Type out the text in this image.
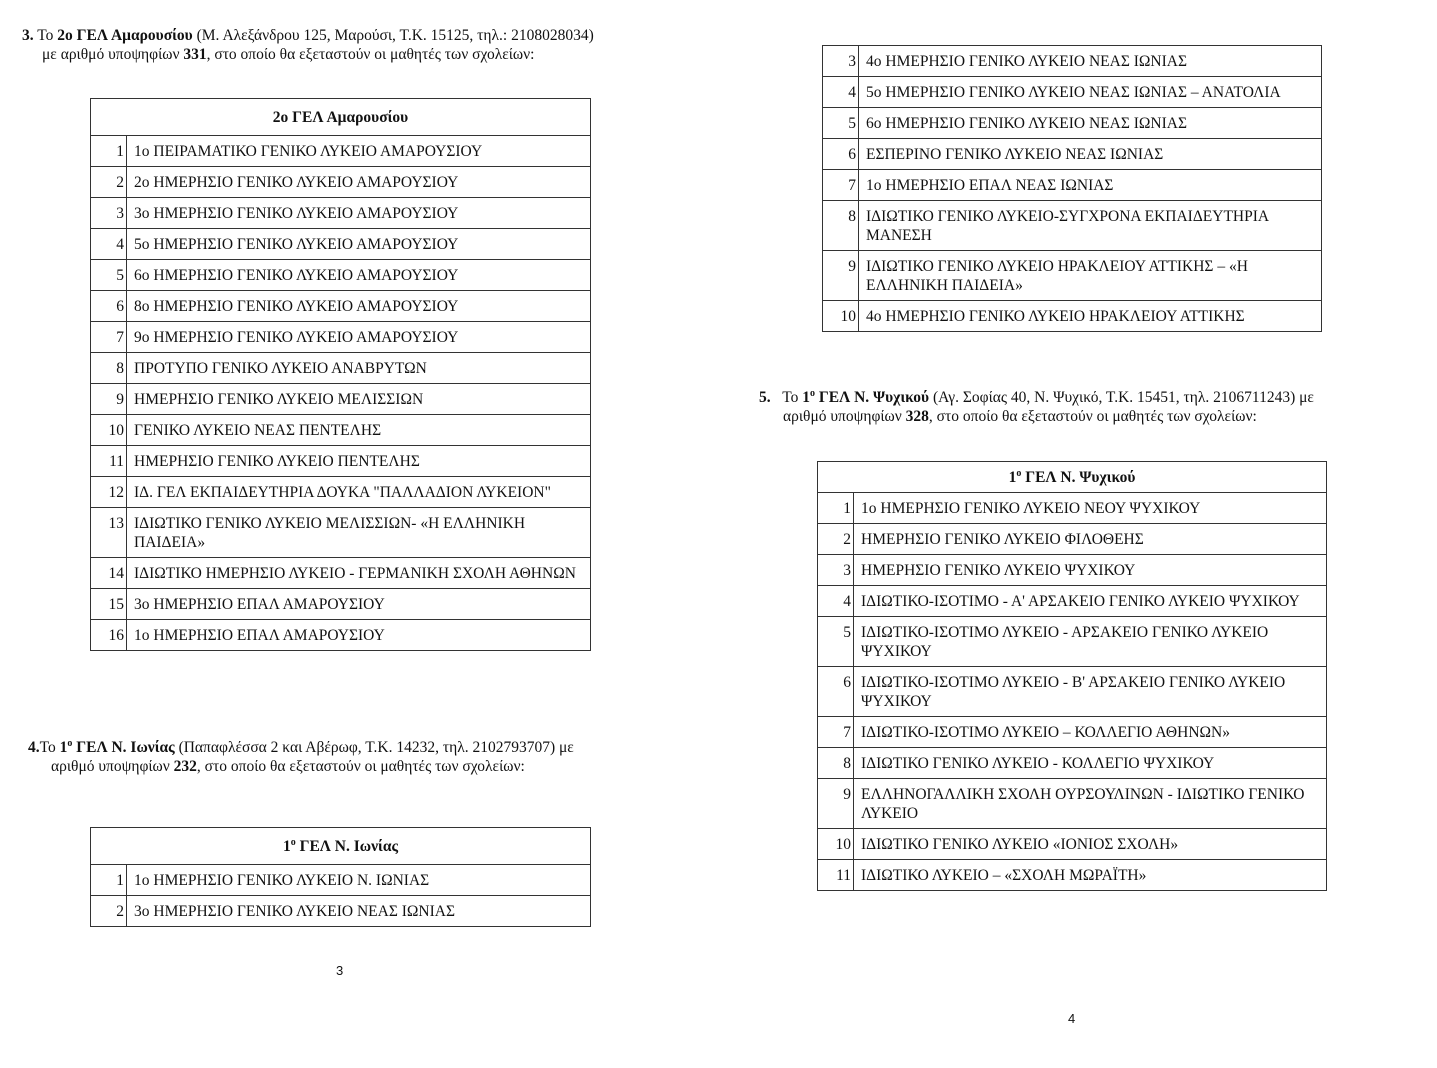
3. Το 2ο ΓΕΛ Αμαρουσίου (Μ. Αλεξάνδρου 125, Μαρούσι, Τ.Κ. 15125, τηλ.: 2108028034)
με αριθμό υποψηφίων 331, στο οποίο θα εξεταστούν οι μαθητές των σχολείων:
2ο ΓΕΛ Αμαρουσίου	
1	1ο ΠΕΙΡΑΜΑΤΙΚΟ ΓΕΝΙΚΟ ΛΥΚΕΙΟ ΑΜΑΡΟΥΣΙΟΥ
2	2ο ΗΜΕΡΗΣΙΟ ΓΕΝΙΚΟ ΛΥΚΕΙΟ ΑΜΑΡΟΥΣΙΟΥ
3	3ο ΗΜΕΡΗΣΙΟ ΓΕΝΙΚΟ ΛΥΚΕΙΟ ΑΜΑΡΟΥΣΙΟΥ
4	5ο ΗΜΕΡΗΣΙΟ ΓΕΝΙΚΟ ΛΥΚΕΙΟ ΑΜΑΡΟΥΣΙΟΥ
5	6ο ΗΜΕΡΗΣΙΟ ΓΕΝΙΚΟ ΛΥΚΕΙΟ ΑΜΑΡΟΥΣΙΟΥ
6	8ο ΗΜΕΡΗΣΙΟ ΓΕΝΙΚΟ ΛΥΚΕΙΟ ΑΜΑΡΟΥΣΙΟΥ
7	9ο ΗΜΕΡΗΣΙΟ ΓΕΝΙΚΟ ΛΥΚΕΙΟ ΑΜΑΡΟΥΣΙΟΥ
8	ΠΡΟΤΥΠΟ ΓΕΝΙΚΟ ΛΥΚΕΙΟ ΑΝΑΒΡΥΤΩΝ
9	ΗΜΕΡΗΣΙΟ ΓΕΝΙΚΟ ΛΥΚΕΙΟ ΜΕΛΙΣΣΙΩΝ
10	ΓΕΝΙΚΟ ΛΥΚΕΙΟ ΝΕΑΣ ΠΕΝΤΕΛΗΣ
11	ΗΜΕΡΗΣΙΟ ΓΕΝΙΚΟ ΛΥΚΕΙΟ ΠΕΝΤΕΛΗΣ
12	ΙΔ. ΓΕΛ ΕΚΠΑΙΔΕΥΤΗΡΙΑ ΔΟΥΚΑ "ΠΑΛΛΑΔΙΟΝ ΛΥΚΕΙΟΝ"
13	ΙΔΙΩΤΙΚΟ ΓΕΝΙΚΟ ΛΥΚΕΙΟ ΜΕΛΙΣΣΙΩΝ- «Η ΕΛΛΗΝΙΚΗ ΠΑΙΔΕΙΑ»
14	ΙΔΙΩΤΙΚΟ ΗΜΕΡΗΣΙΟ ΛΥΚΕΙΟ - ΓΕΡΜΑΝΙΚΗ ΣΧΟΛΗ ΑΘΗΝΩΝ
15	3ο ΗΜΕΡΗΣΙΟ ΕΠΑΛ ΑΜΑΡΟΥΣΙΟΥ
16	1ο ΗΜΕΡΗΣΙΟ ΕΠΑΛ ΑΜΑΡΟΥΣΙΟΥ
4.Το $1^o$ ΓΕΛ Ν. Ιωνίας (Παπαφλέσσα 2 και Αβέρωφ, Τ.Κ. 14232, τηλ. 2102793707) με
αριθμό υποψηφίων 232, στο οποίο θα εξεταστούν οι μαθητές των σχολείων:
$1^o$ ΓΕΛ Ν. Ιωνίας	
1	1ο ΗΜΕΡΗΣΙΟ ΓΕΝΙΚΟ ΛΥΚΕΙΟ Ν. ΙΩΝΙΑΣ
2	3ο ΗΜΕΡΗΣΙΟ ΓΕΝΙΚΟ ΛΥΚΕΙΟ ΝΕΑΣ ΙΩΝΙΑΣ
3
3	4ο ΗΜΕΡΗΣΙΟ ΓΕΝΙΚΟ ΛΥΚΕΙΟ ΝΕΑΣ ΙΩΝΙΑΣ
4	5ο ΗΜΕΡΗΣΙΟ ΓΕΝΙΚΟ ΛΥΚΕΙΟ ΝΕΑΣ ΙΩΝΙΑΣ – ΑΝΑΤΟΛΙΑ
5	6ο ΗΜΕΡΗΣΙΟ ΓΕΝΙΚΟ ΛΥΚΕΙΟ ΝΕΑΣ ΙΩΝΙΑΣ
6	ΕΣΠΕΡΙΝΟ ΓΕΝΙΚΟ ΛΥΚΕΙΟ ΝΕΑΣ ΙΩΝΙΑΣ
7	1ο ΗΜΕΡΗΣΙΟ ΕΠΑΛ ΝΕΑΣ ΙΩΝΙΑΣ
8	ΙΔΙΩΤΙΚΟ ΓΕΝΙΚΟ ΛΥΚΕΙΟ-ΣΥΓΧΡΟΝΑ ΕΚΠΑΙΔΕΥΤΗΡΙΑ ΜΑΝΕΣΗ
9	ΙΔΙΩΤΙΚΟ ΓΕΝΙΚΟ ΛΥΚΕΙΟ ΗΡΑΚΛΕΙΟΥ ΑΤΤΙΚΗΣ – «Η ΕΛΛΗΝΙΚΗ ΠΑΙΔΕΙΑ»
10	4ο ΗΜΕΡΗΣΙΟ ΓΕΝΙΚΟ ΛΥΚΕΙΟ ΗΡΑΚΛΕΙΟΥ ΑΤΤΙΚΗΣ
5. Το $1^o$ ΓΕΛ Ν. Ψυχικού (Αγ. Σοφίας 40, Ν. Ψυχικό, Τ.Κ. 15451, τηλ. 2106711243) με
αριθμό υποψηφίων 328, στο οποίο θα εξεταστούν οι μαθητές των σχολείων:
$1^o$ ΓΕΛ Ν. Ψυχικού	
1	1ο ΗΜΕΡΗΣΙΟ ΓΕΝΙΚΟ ΛΥΚΕΙΟ ΝΕΟΥ ΨΥΧΙΚΟΥ
2	ΗΜΕΡΗΣΙΟ ΓΕΝΙΚΟ ΛΥΚΕΙΟ ΦΙΛΟΘΕΗΣ
3	ΗΜΕΡΗΣΙΟ ΓΕΝΙΚΟ ΛΥΚΕΙΟ ΨΥΧΙΚΟΥ
4	ΙΔΙΩΤΙΚΟ-ΙΣΟΤΙΜΟ - Α' ΑΡΣΑΚΕΙΟ ΓΕΝΙΚΟ ΛΥΚΕΙΟ ΨΥΧΙΚΟΥ
5	ΙΔΙΩΤΙΚΟ-ΙΣΟΤΙΜΟ ΛΥΚΕΙΟ - ΑΡΣΑΚΕΙΟ ΓΕΝΙΚΟ ΛΥΚΕΙΟ ΨΥΧΙΚΟΥ
6	ΙΔΙΩΤΙΚΟ-ΙΣΟΤΙΜΟ ΛΥΚΕΙΟ - Β' ΑΡΣΑΚΕΙΟ ΓΕΝΙΚΟ ΛΥΚΕΙΟ ΨΥΧΙΚΟΥ
7	ΙΔΙΩΤΙΚΟ-ΙΣΟΤΙΜΟ ΛΥΚΕΙΟ – ΚΟΛΛΕΓΙΟ ΑΘΗΝΩΝ»
8	ΙΔΙΩΤΙΚΟ ΓΕΝΙΚΟ ΛΥΚΕΙΟ - ΚΟΛΛΕΓΙΟ ΨΥΧΙΚΟΥ
9	ΕΛΛΗΝΟΓΑΛΛΙΚΗ ΣΧΟΛΗ ΟΥΡΣΟΥΛΙΝΩΝ - ΙΔΙΩΤΙΚΟ ΓΕΝΙΚΟ ΛΥΚΕΙΟ
10	ΙΔΙΩΤΙΚΟ ΓΕΝΙΚΟ ΛΥΚΕΙΟ «ΙΟΝΙΟΣ ΣΧΟΛΗ»
11	ΙΔΙΩΤΙΚΟ ΛΥΚΕΙΟ – «ΣΧΟΛΗ ΜΩΡΑΪΤΗ»
4
